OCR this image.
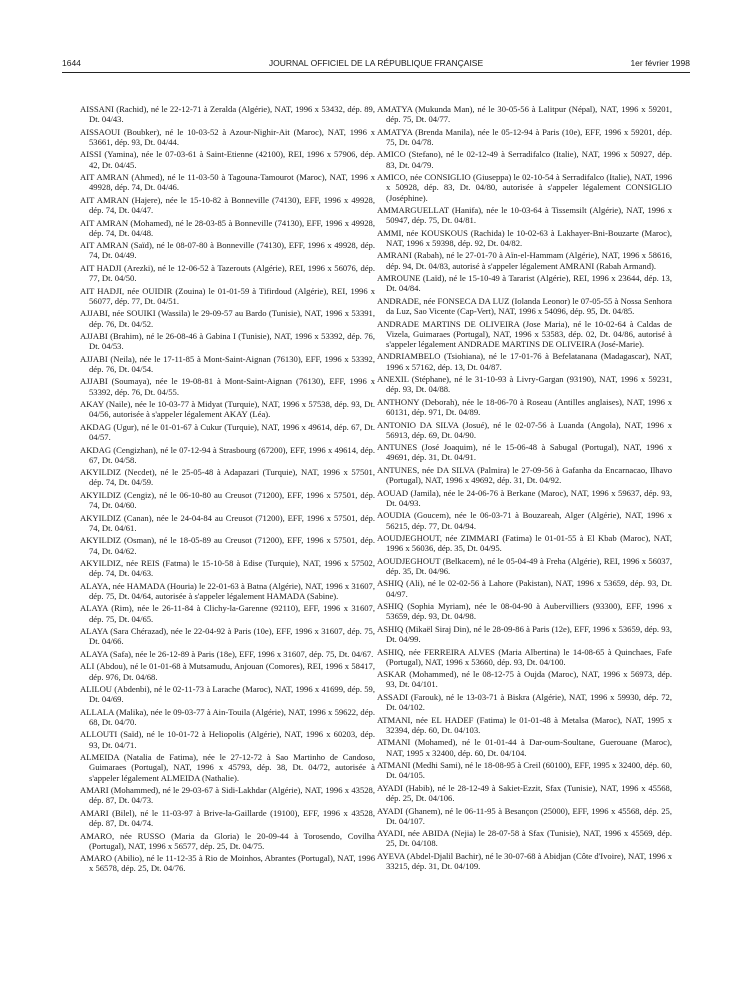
1644	JOURNAL OFFICIEL DE LA RÉPUBLIQUE FRANÇAISE	1er février 1998

AISSANI (Rachid), né le 22-12-71 à Zeralda (Algérie), NAT, 1996 x 53432, dép. 89, Dt. 04/43.

AISSAOUI (Boubker), né le 10-03-52 à Azour-Nighir-Ait (Maroc), NAT, 1996 x 53661, dép. 93, Dt. 04/44.

AISSI (Yamina), née le 07-03-61 à Saint-Etienne (42100), REI, 1996 x 57906, dép. 42, Dt. 04/45.

AIT AMRAN (Ahmed), né le 11-03-50 à Tagouna-Tamourot (Maroc), NAT, 1996 x 49928, dép. 74, Dt. 04/46.

AIT AMRAN (Hajere), née le 15-10-82 à Bonneville (74130), EFF, 1996 x 49928, dép. 74, Dt. 04/47.

AIT AMRAN (Mohamed), né le 28-03-85 à Bonneville (74130), EFF, 1996 x 49928, dép. 74, Dt. 04/48.

AIT AMRAN (Saïd), né le 08-07-80 à Bonneville (74130), EFF, 1996 x 49928, dép. 74, Dt. 04/49.

AIT HADJI (Arezki), né le 12-06-52 à Tazerouts (Algérie), REI, 1996 x 56076, dép. 77, Dt. 04/50.

AIT HADJI, née OUIDIR (Zouina) le 01-01-59 à Tifirdoud (Algérie), REI, 1996 x 56077, dép. 77, Dt. 04/51.

AJJABI, née SOUIKI (Wassila) le 29-09-57 au Bardo (Tunisie), NAT, 1996 x 53391, dép. 76, Dt. 04/52.

AJJABI (Brahim), né le 26-08-46 à Gabina I (Tunisie), NAT, 1996 x 53392, dép. 76, Dt. 04/53.

AJJABI (Neila), née le 17-11-85 à Mont-Saint-Aignan (76130), EFF, 1996 x 53392, dép. 76, Dt. 04/54.

AJJABI (Soumaya), née le 19-08-81 à Mont-Saint-Aignan (76130), EFF, 1996 x 53392, dép. 76, Dt. 04/55.

AKAY (Naile), née le 10-03-77 à Midyat (Turquie), NAT, 1996 x 57538, dép. 93, Dt. 04/56, autorisée à s'appeler légalement AKAY (Léa).

AKDAG (Ugur), né le 01-01-67 à Cukur (Turquie), NAT, 1996 x 49614, dép. 67, Dt. 04/57.

AKDAG (Cengizhan), né le 07-12-94 à Strasbourg (67200), EFF, 1996 x 49614, dép. 67, Dt. 04/58.

AKYILDIZ (Necdet), né le 25-05-48 à Adapazari (Turquie), NAT, 1996 x 57501, dép. 74, Dt. 04/59.

AKYILDIZ (Cengiz), né le 06-10-80 au Creusot (71200), EFF, 1996 x 57501, dép. 74, Dt. 04/60.

AKYILDIZ (Canan), née le 24-04-84 au Creusot (71200), EFF, 1996 x 57501, dép. 74, Dt. 04/61.

AKYILDIZ (Osman), né le 18-05-89 au Creusot (71200), EFF, 1996 x 57501, dép. 74, Dt. 04/62.

AKYILDIZ, née REIS (Fatma) le 15-10-58 à Edise (Turquie), NAT, 1996 x 57502, dép. 74, Dt. 04/63.

ALAYA, née HAMADA (Houria) le 22-01-63 à Batna (Algérie), NAT, 1996 x 31607, dép. 75, Dt. 04/64, autorisée à s'appeler légalement HAMADA (Sabine).

ALAYA (Rim), née le 26-11-84 à Clichy-la-Garenne (92110), EFF, 1996 x 31607, dép. 75, Dt. 04/65.

ALAYA (Sara Chérazad), née le 22-04-92 à Paris (10e), EFF, 1996 x 31607, dép. 75, Dt. 04/66.

ALAYA (Safa), née le 26-12-89 à Paris (18e), EFF, 1996 x 31607, dép. 75, Dt. 04/67.

ALI (Abdou), né le 01-01-68 à Mutsamudu, Anjouan (Comores), REI, 1996 x 58417, dép. 976, Dt. 04/68.

ALILOU (Abdenbi), né le 02-11-73 à Larache (Maroc), NAT, 1996 x 41699, dép. 59, Dt. 04/69.

ALLALA (Malika), née le 09-03-77 à Ain-Touila (Algérie), NAT, 1996 x 59622, dép. 68, Dt. 04/70.

ALLOUTI (Saïd), né le 10-01-72 à Heliopolis (Algérie), NAT, 1996 x 60203, dép. 93, Dt. 04/71.

ALMEIDA (Natalia de Fatima), née le 27-12-72 à Sao Martinho de Candoso, Guimaraes (Portugal), NAT, 1996 x 45793, dép. 38, Dt. 04/72, autorisée à s'appeler légalement ALMEIDA (Nathalie).

AMARI (Mohammed), né le 29-03-67 à Sidi-Lakhdar (Algérie), NAT, 1996 x 43528, dép. 87, Dt. 04/73.

AMARI (Bilel), né le 11-03-97 à Brive-la-Gaillarde (19100), EFF, 1996 x 43528, dép. 87, Dt. 04/74.

AMARO, née RUSSO (Maria da Gloria) le 20-09-44 à Torosendo, Covilha (Portugal), NAT, 1996 x 56577, dép. 25, Dt. 04/75.

AMARO (Abilio), né le 11-12-35 à Rio de Moinhos, Abrantes (Portugal), NAT, 1996 x 56578, dép. 25, Dt. 04/76.

AMATYA (Mukunda Man), né le 30-05-56 à Lalitpur (Népal), NAT, 1996 x 59201, dép. 75, Dt. 04/77.

AMATYA (Brenda Manila), née le 05-12-94 à Paris (10e), EFF, 1996 x 59201, dép. 75, Dt. 04/78.

AMICO (Stefano), né le 02-12-49 à Serradifalco (Italie), NAT, 1996 x 50927, dép. 83, Dt. 04/79.

AMICO, née CONSIGLIO (Giuseppa) le 02-10-54 à Serradifalco (Italie), NAT, 1996 x 50928, dép. 83, Dt. 04/80, autorisée à s'appeler légalement CONSIGLIO (Joséphine).

AMMARGUELLAT (Hanifa), née le 10-03-64 à Tissemsilt (Algérie), NAT, 1996 x 50947, dép. 75, Dt. 04/81.

AMMI, née KOUSKOUS (Rachida) le 10-02-63 à Lakhayer-Bni-Bouzarte (Maroc), NAT, 1996 x 59398, dép. 92, Dt. 04/82.

AMRANI (Rabah), né le 27-01-70 à Aïn-el-Hammam (Algérie), NAT, 1996 x 58616, dép. 94, Dt. 04/83, autorisé à s'appeler légalement AMRANI (Rabah Armand).

AMROUNE (Laïd), né le 15-10-49 à Tararist (Algérie), REI, 1996 x 23644, dép. 13, Dt. 04/84.

ANDRADE, née FONSECA DA LUZ (Iolanda Leonor) le 07-05-55 à Nossa Senhora da Luz, Sao Vicente (Cap-Vert), NAT, 1996 x 54096, dép. 95, Dt. 04/85.

ANDRADE MARTINS DE OLIVEIRA (Jose Maria), né le 10-02-64 à Caldas de Vizela, Guimaraes (Portugal), NAT, 1996 x 53583, dép. 02, Dt. 04/86, autorisé à s'appeler légalement ANDRADE MARTINS DE OLIVEIRA (José-Marie).

ANDRIAMBELO (Tsiohiana), né le 17-01-76 à Befelatanana (Madagascar), NAT, 1996 x 57162, dép. 13, Dt. 04/87.

ANEXIL (Stéphane), né le 31-10-93 à Livry-Gargan (93190), NAT, 1996 x 59231, dép. 93, Dt. 04/88.

ANTHONY (Deborah), née le 18-06-70 à Roseau (Antilles anglaises), NAT, 1996 x 60131, dép. 971, Dt. 04/89.

ANTONIO DA SILVA (Josué), né le 02-07-56 à Luanda (Angola), NAT, 1996 x 56913, dép. 69, Dt. 04/90.

ANTUNES (José Joaquim), né le 15-06-48 à Sabugal (Portugal), NAT, 1996 x 49691, dép. 31, Dt. 04/91.

ANTUNES, née DA SILVA (Palmira) le 27-09-56 à Gafanha da Encarnacao, Ilhavo (Portugal), NAT, 1996 x 49692, dép. 31, Dt. 04/92.

AOUAD (Jamila), née le 24-06-76 à Berkane (Maroc), NAT, 1996 x 59637, dép. 93, Dt. 04/93.

AOUDIA (Goucem), née le 06-03-71 à Bouzareah, Alger (Algérie), NAT, 1996 x 56215, dép. 77, Dt. 04/94.

AOUDJEGHOUT, née ZIMMARI (Fatima) le 01-01-55 à El Kbab (Maroc), NAT, 1996 x 56036, dép. 35, Dt. 04/95.

AOUDJEGHOUT (Belkacem), né le 05-04-49 à Freha (Algérie), REI, 1996 x 56037, dép. 35, Dt. 04/96.

ASHIQ (Ali), né le 02-02-56 à Lahore (Pakistan), NAT, 1996 x 53659, dép. 93, Dt. 04/97.

ASHIQ (Sophia Myriam), née le 08-04-90 à Aubervilliers (93300), EFF, 1996 x 53659, dép. 93, Dt. 04/98.

ASHIQ (Mikaël Siraj Din), né le 28-09-86 à Paris (12e), EFF, 1996 x 53659, dép. 93, Dt. 04/99.

ASHIQ, née FERREIRA ALVES (Maria Albertina) le 14-08-65 à Quinchaes, Fafe (Portugal), NAT, 1996 x 53660, dép. 93, Dt. 04/100.

ASKAR (Mohammed), né le 08-12-75 à Oujda (Maroc), NAT, 1996 x 56973, dép. 93, Dt. 04/101.

ASSADI (Farouk), né le 13-03-71 à Biskra (Algérie), NAT, 1996 x 59930, dép. 72, Dt. 04/102.

ATMANI, née EL HADEF (Fatima) le 01-01-48 à Metalsa (Maroc), NAT, 1995 x 32394, dép. 60, Dt. 04/103.

ATMANI (Mohamed), né le 01-01-44 à Dar-oum-Soultane, Guerouane (Maroc), NAT, 1995 x 32400, dép. 60, Dt. 04/104.

ATMANI (Medhi Sami), né le 18-08-95 à Creil (60100), EFF, 1995 x 32400, dép. 60, Dt. 04/105.

AYADI (Habib), né le 28-12-49 à Sakiet-Ezzit, Sfax (Tunisie), NAT, 1996 x 45568, dép. 25, Dt. 04/106.

AYADI (Ghanem), né le 06-11-95 à Besançon (25000), EFF, 1996 x 45568, dép. 25, Dt. 04/107.

AYADI, née ABIDA (Nejia) le 28-07-58 à Sfax (Tunisie), NAT, 1996 x 45569, dép. 25, Dt. 04/108.

AYEVA (Abdel-Djalil Bachir), né le 30-07-68 à Abidjan (Côte d'Ivoire), NAT, 1996 x 33215, dép. 31, Dt. 04/109.
